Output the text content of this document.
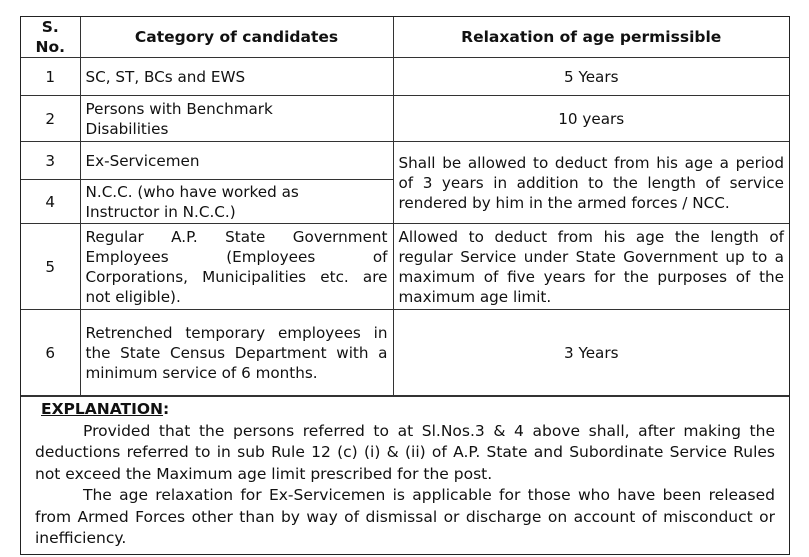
S. No.	Category of candidates	Relaxation of age permissible
1	SC, ST, BCs and EWS	5 Years
2	Persons with Benchmark Disabilities	10 years
3	Ex-Servicemen	Shall be allowed to deduct from his age a period of 3 years in addition to the length of service rendered by him in the armed forces / NCC.
4	N.C.C. (who have worked as Instructor in N.C.C.)	
5	Regular A.P. State Government Employees (Employees of Corporations, Municipalities etc. are not eligible).	Allowed to deduct from his age the length of regular Service under State Government up to a maximum of five years for the purposes of the maximum age limit.
6	Retrenched temporary employees in the State Census Department with a minimum service of 6 months.	3 Years
EXPLANATION:

Provided that the persons referred to at Sl.Nos.3 & 4 above shall, after making the deductions referred to in sub Rule 12 (c) (i) & (ii) of A.P. State and Subordinate Service Rules not exceed the Maximum age limit prescribed for the post.

The age relaxation for Ex-Servicemen is applicable for those who have been released from Armed Forces other than by way of dismissal or discharge on account of misconduct or inefficiency.
